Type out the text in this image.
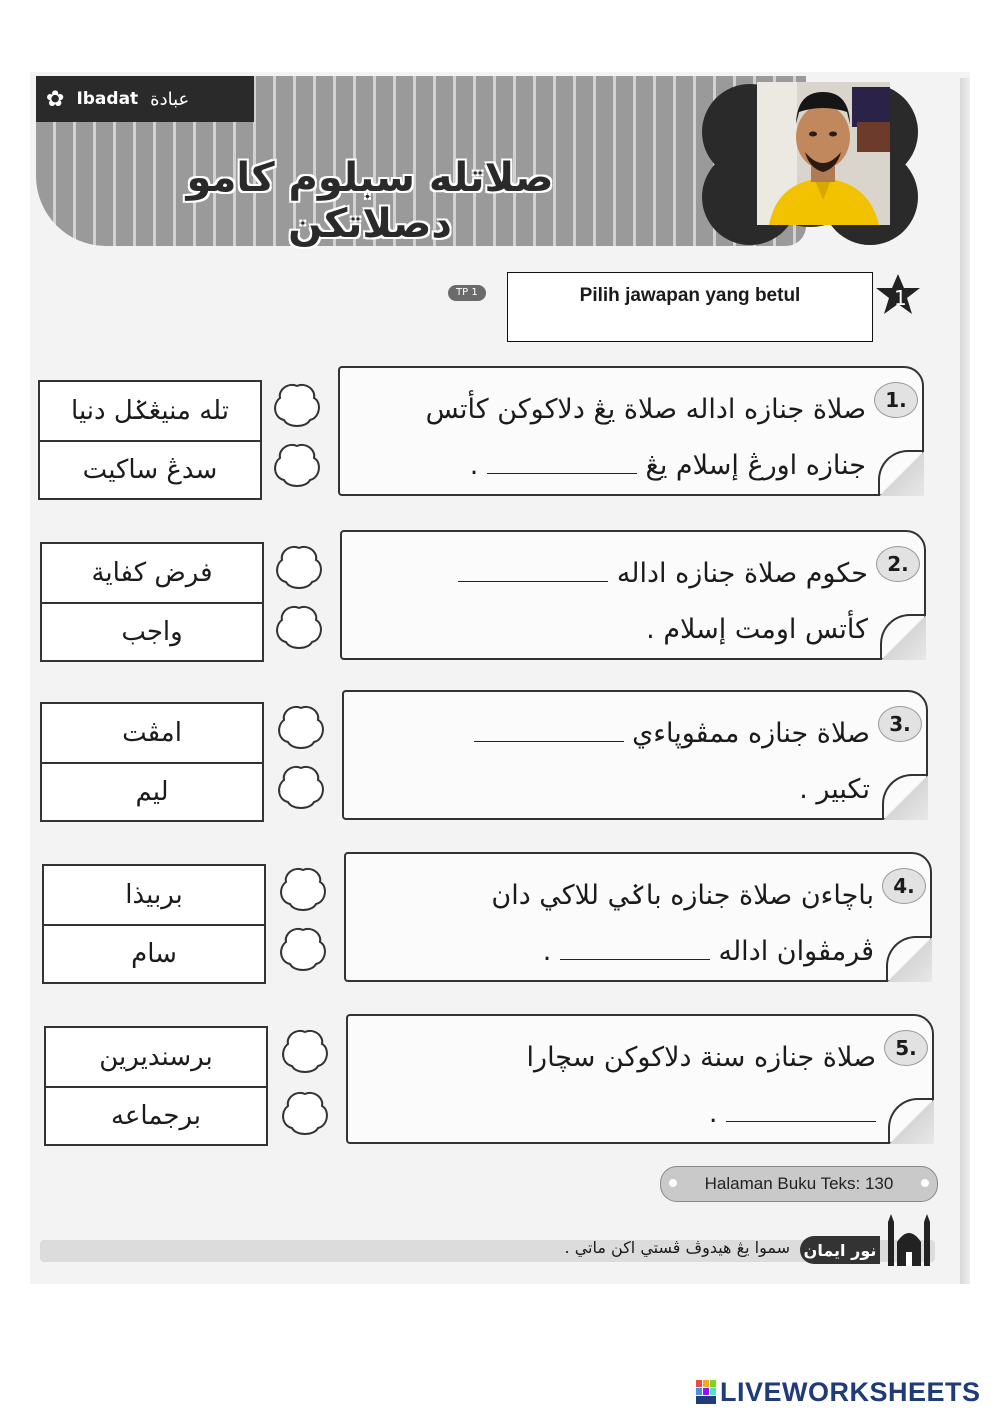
✿ Ibadat عبادة
صلاتله سبلوم كامو دصلاتكن
TP 1	Pilih jawapan yang betul	1
1.
صلاة جنازه اداله صلاة يڠ دلاكوكن كأتس
جنازه اورڠ إسلام يڠ  .
تله منيڠݢل دنيا
سدڠ ساكيت
2.
حكوم صلاة جنازه اداله
كأتس اومت إسلام .
فرض كفاية
واجب
3.
صلاة جنازه ممڤوڽاءي
تكبير .
امڤت
ليم
4.
باچاءن صلاة جنازه باݢي للاكي دان
ڤرمڤوان اداله  .
بربيذا
سام
5.
صلاة جنازه سنة دلاكوكن سچارا
.
برسنديرين
برجماعه
Halaman Buku Teks: 130
سموا يڠ هيدوڤ ڤستي اكن ماتي . نور ايمان
LIVEWORKSHEETS
